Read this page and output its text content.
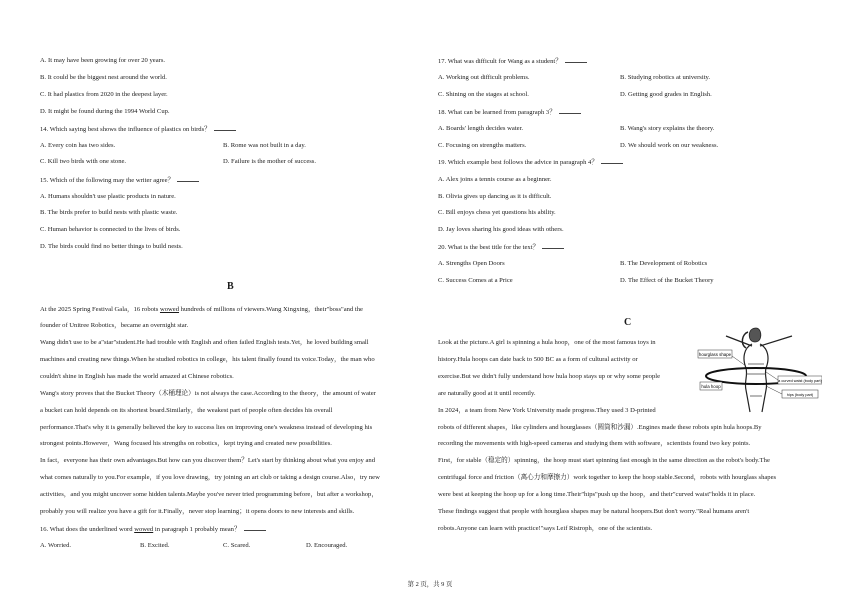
A. It may have been growing for over 20 years.
B. It could be the biggest nest around the world.
C. It had plastics from 2020 in the deepest layer.
D. It might be found during the 1994 World Cup.
14. Which saying best shows the influence of plastics on birds？
A. Every coin has two sides.	B. Rome was not built in a day.
C. Kill two birds with one stone.	D. Failure is the mother of success.
15. Which of the following may the writer agree？
A. Humans shouldn't use plastic products in nature.
B. The birds prefer to build nests with plastic waste.
C. Human behavior is connected to the lives of birds.
D. The birds could find no better things to build nests.
B
At the 2025 Spring Festival Gala，16 robots wowed hundreds of millions of viewers.Wang Xingxing，their"boss"and the
founder of Unitree Robotics，became an overnight star.
Wang didn't use to be a"star"student.He had trouble with English and often failed English tests.Yet，he loved building small
machines and creating new things.When he studied robotics in college，his talent finally found its voice.Today，the man who
couldn't shine in English has made the world amazed at Chinese robotics.
Wang's story proves that the Bucket Theory（木桶理论）is not always the case.According to the theory，the amount of water
a bucket can hold depends on its shortest board.Similarly，the weakest part of people often decides his overall
performance.That's why it is generally believed the key to success lies on improving one's weakness instead of developing his
strongest points.However，Wang focused his strengths on robotics，kept trying and created new possibilities.
In fact，everyone has their own advantages.But how can you discover them？Let's start by thinking about what you enjoy and
what comes naturally to you.For example，if you love drawing，try joining an art club or taking a design course.Also，try new
activities，and you might uncover some hidden talents.Maybe you've never tried programming before，but after a workshop，
probably you will realize you have a gift for it.Finally，never stop learning；it opens doors to new interests and skills.
16. What does the underlined word wowed in paragraph 1 probably mean？
A. Worried.	B. Excited.	C. Scared.	D. Encouraged.
17. What was difficult for Wang as a student？
A. Working out difficult problems.	B. Studying robotics at university.
C. Shining on the stages at school.	D. Getting good grades in English.
18. What can be learned from paragraph 3？
A. Boards' length decides water.	B. Wang's story explains the theory.
C. Focusing on strengths matters.	D. We should work on our weakness.
19. Which example best follows the advice in paragraph 4？
A. Alex joins a tennis course as a beginner.
B. Olivia gives up dancing as it is difficult.
C. Bill enjoys chess yet questions his ability.
D. Jay loves sharing his good ideas with others.
20. What is the best title for the text？
A. Strengths Open Doors	B. The Development of Robotics
C. Success Comes at a Price	D. The Effect of the Bucket Theory
C
Look at the picture.A girl is spinning a hula hoop，one of the most famous toys in
history.Hula hoops can date back to 500 BC as a form of cultural activity or
exercise.But we didn't fully understand how hula hoop stays up or why some people
are naturally good at it until recently.
In 2024，a team from New York University made progress.They used 3 D-printed
robots of different shapes，like cylinders and hourglasses（圆筒和沙漏）.Engines made these robots spin hula hoops.By
recording the movements with high-speed cameras and studying them with software，scientists found two key points.
First，for stable（稳定的）spinning，the hoop must start spinning fast enough in the same direction as the robot's body.The
centrifugal force and friction（离心力和摩擦力）work together to keep the hoop stable.Second，robots with hourglass shapes
were best at keeping the hoop up for a long time.Their"hips"push up the hoop，and their"curved waist"holds it in place.
These findings suggest that people with hourglass shapes may be natural hoopers.But don't worry."Real humans aren't
robots.Anyone can learn with practice!"says Leif Ristroph，one of the scientists.
hourglass shape
hula hoop
a curved waist (body part)
hips (body part)
第 2 页，共 9 页
